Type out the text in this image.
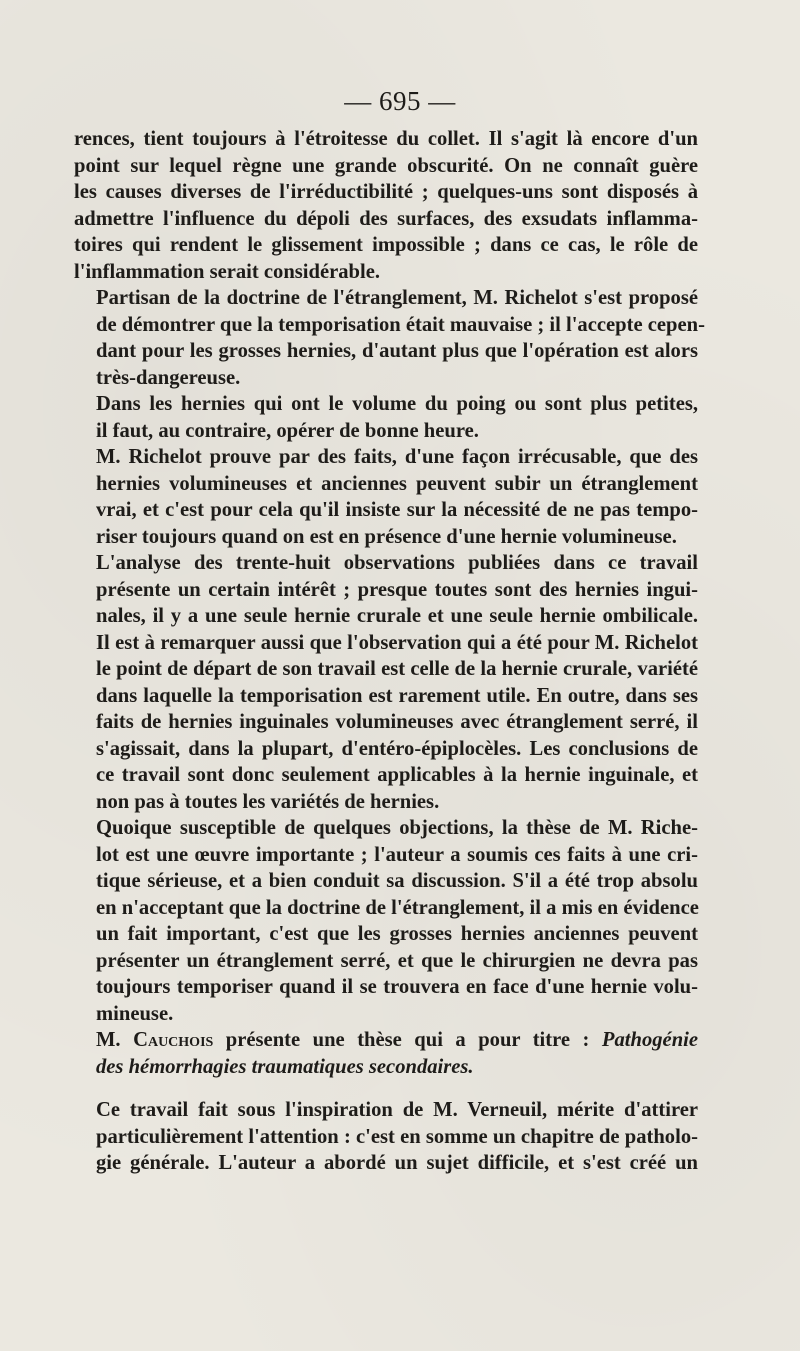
— 695 —

rences, tient toujours à l'étroitesse du collet. Il s'agit là encore d'un
point sur lequel règne une grande obscurité. On ne connaît guère
les causes diverses de l'irréductibilité ; quelques-uns sont disposés à
admettre l'influence du dépoli des surfaces, des exsudats inflamma-
toires qui rendent le glissement impossible ; dans ce cas, le rôle de
l'inflammation serait considérable.

Partisan de la doctrine de l'étranglement, M. Richelot s'est proposé
de démontrer que la temporisation était mauvaise ; il l'accepte cepen-
dant pour les grosses hernies, d'autant plus que l'opération est alors
très-dangereuse.

Dans les hernies qui ont le volume du poing ou sont plus petites,
il faut, au contraire, opérer de bonne heure.

M. Richelot prouve par des faits, d'une façon irrécusable, que des
hernies volumineuses et anciennes peuvent subir un étranglement
vrai, et c'est pour cela qu'il insiste sur la nécessité de ne pas tempo-
riser toujours quand on est en présence d'une hernie volumineuse.

L'analyse des trente-huit observations publiées dans ce travail
présente un certain intérêt ; presque toutes sont des hernies ingui-
nales, il y a une seule hernie crurale et une seule hernie ombilicale.
Il est à remarquer aussi que l'observation qui a été pour M. Richelot
le point de départ de son travail est celle de la hernie crurale, variété
dans laquelle la temporisation est rarement utile. En outre, dans ses
faits de hernies inguinales volumineuses avec étranglement serré, il
s'agissait, dans la plupart, d'entéro-épiplocèles. Les conclusions de
ce travail sont donc seulement applicables à la hernie inguinale, et
non pas à toutes les variétés de hernies.

Quoique susceptible de quelques objections, la thèse de M. Riche-
lot est une œuvre importante ; l'auteur a soumis ces faits à une cri-
tique sérieuse, et a bien conduit sa discussion. S'il a été trop absolu
en n'acceptant que la doctrine de l'étranglement, il a mis en évidence
un fait important, c'est que les grosses hernies anciennes peuvent
présenter un étranglement serré, et que le chirurgien ne devra pas
toujours temporiser quand il se trouvera en face d'une hernie volu-
mineuse.

M. Cauchois présente une thèse qui a pour titre : Pathogénie
des hémorrhagies traumatiques secondaires.

Ce travail fait sous l'inspiration de M. Verneuil, mérite d'attirer
particulièrement l'attention : c'est en somme un chapitre de patholo-
gie générale. L'auteur a abordé un sujet difficile, et s'est créé un
